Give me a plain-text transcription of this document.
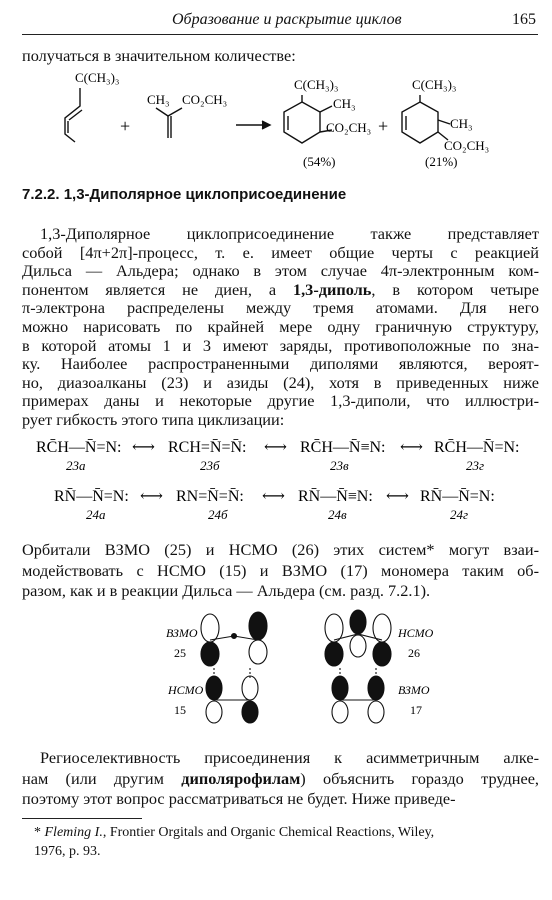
Образование и раскрытие циклов	165
получаться в значительном количестве:
C(CH₃)₃
CH₃ CO₂CH₃
+
C(CH₃)₃
CH₃
CO₂CH₃ +
C(CH₃)₃
CH₃
CO₂CH₃
(54%)	(21%)
7.2.2. 1,3-Диполярное циклоприсоединение
1,3-Диполярное циклоприсоединение также представляет
собой [4π+2π]-процесс, т. е. имеет общие черты с реакцией
Дильса — Альдера; однако в этом случае 4π-электронным ком-
понентом является не диен, а 1,3-диполь, в котором четыре
π-электрона распределены между тремя атомами. Для него
можно нарисовать по крайней мере одну граничную структуру,
в которой атомы 1 и 3 имеют заряды, противоположные по зна-
ку. Наиболее распространенными диполями являются, вероят-
но, диазоалканы (23) и азиды (24), хотя в приведенных ниже
примерах даны и некоторые другие 1,3-диполи, что иллюстри-
рует гибкость этого типа циклизации:
RC̄H—N̄=N: ⟷ RCH=N̄=N̄: ⟷ RC̄H—N̄≡N: ⟷ RC̄H—N̄=N:
23а	23б	23в	23г
RN̄—N̄=N: ⟷ RN=N̄=N̄: ⟷ RN̄—N̄≡N: ⟷ RN̄—N̄=N:
24а	24б	24в	24г
Орбитали ВЗМО (25) и НСМО (26) этих систем* могут взаи-
модействовать с НСМО (15) и ВЗМО (17) мономера таким об-
разом, как и в реакции Дильса — Альдера (см. разд. 7.2.1).
ВЗМО
25
НСМО
15
НСМО
26
ВЗМО
17
Региоселективность присоединения к асимметричным алке-
нам (или другим диполярофилам) объяснить гораздо труднее,
поэтому этот вопрос рассматриваться не будет. Ниже приведе-
* Fleming I., Frontier Orgitals and Organic Chemical Reactions, Wiley,
1976, p. 93.
